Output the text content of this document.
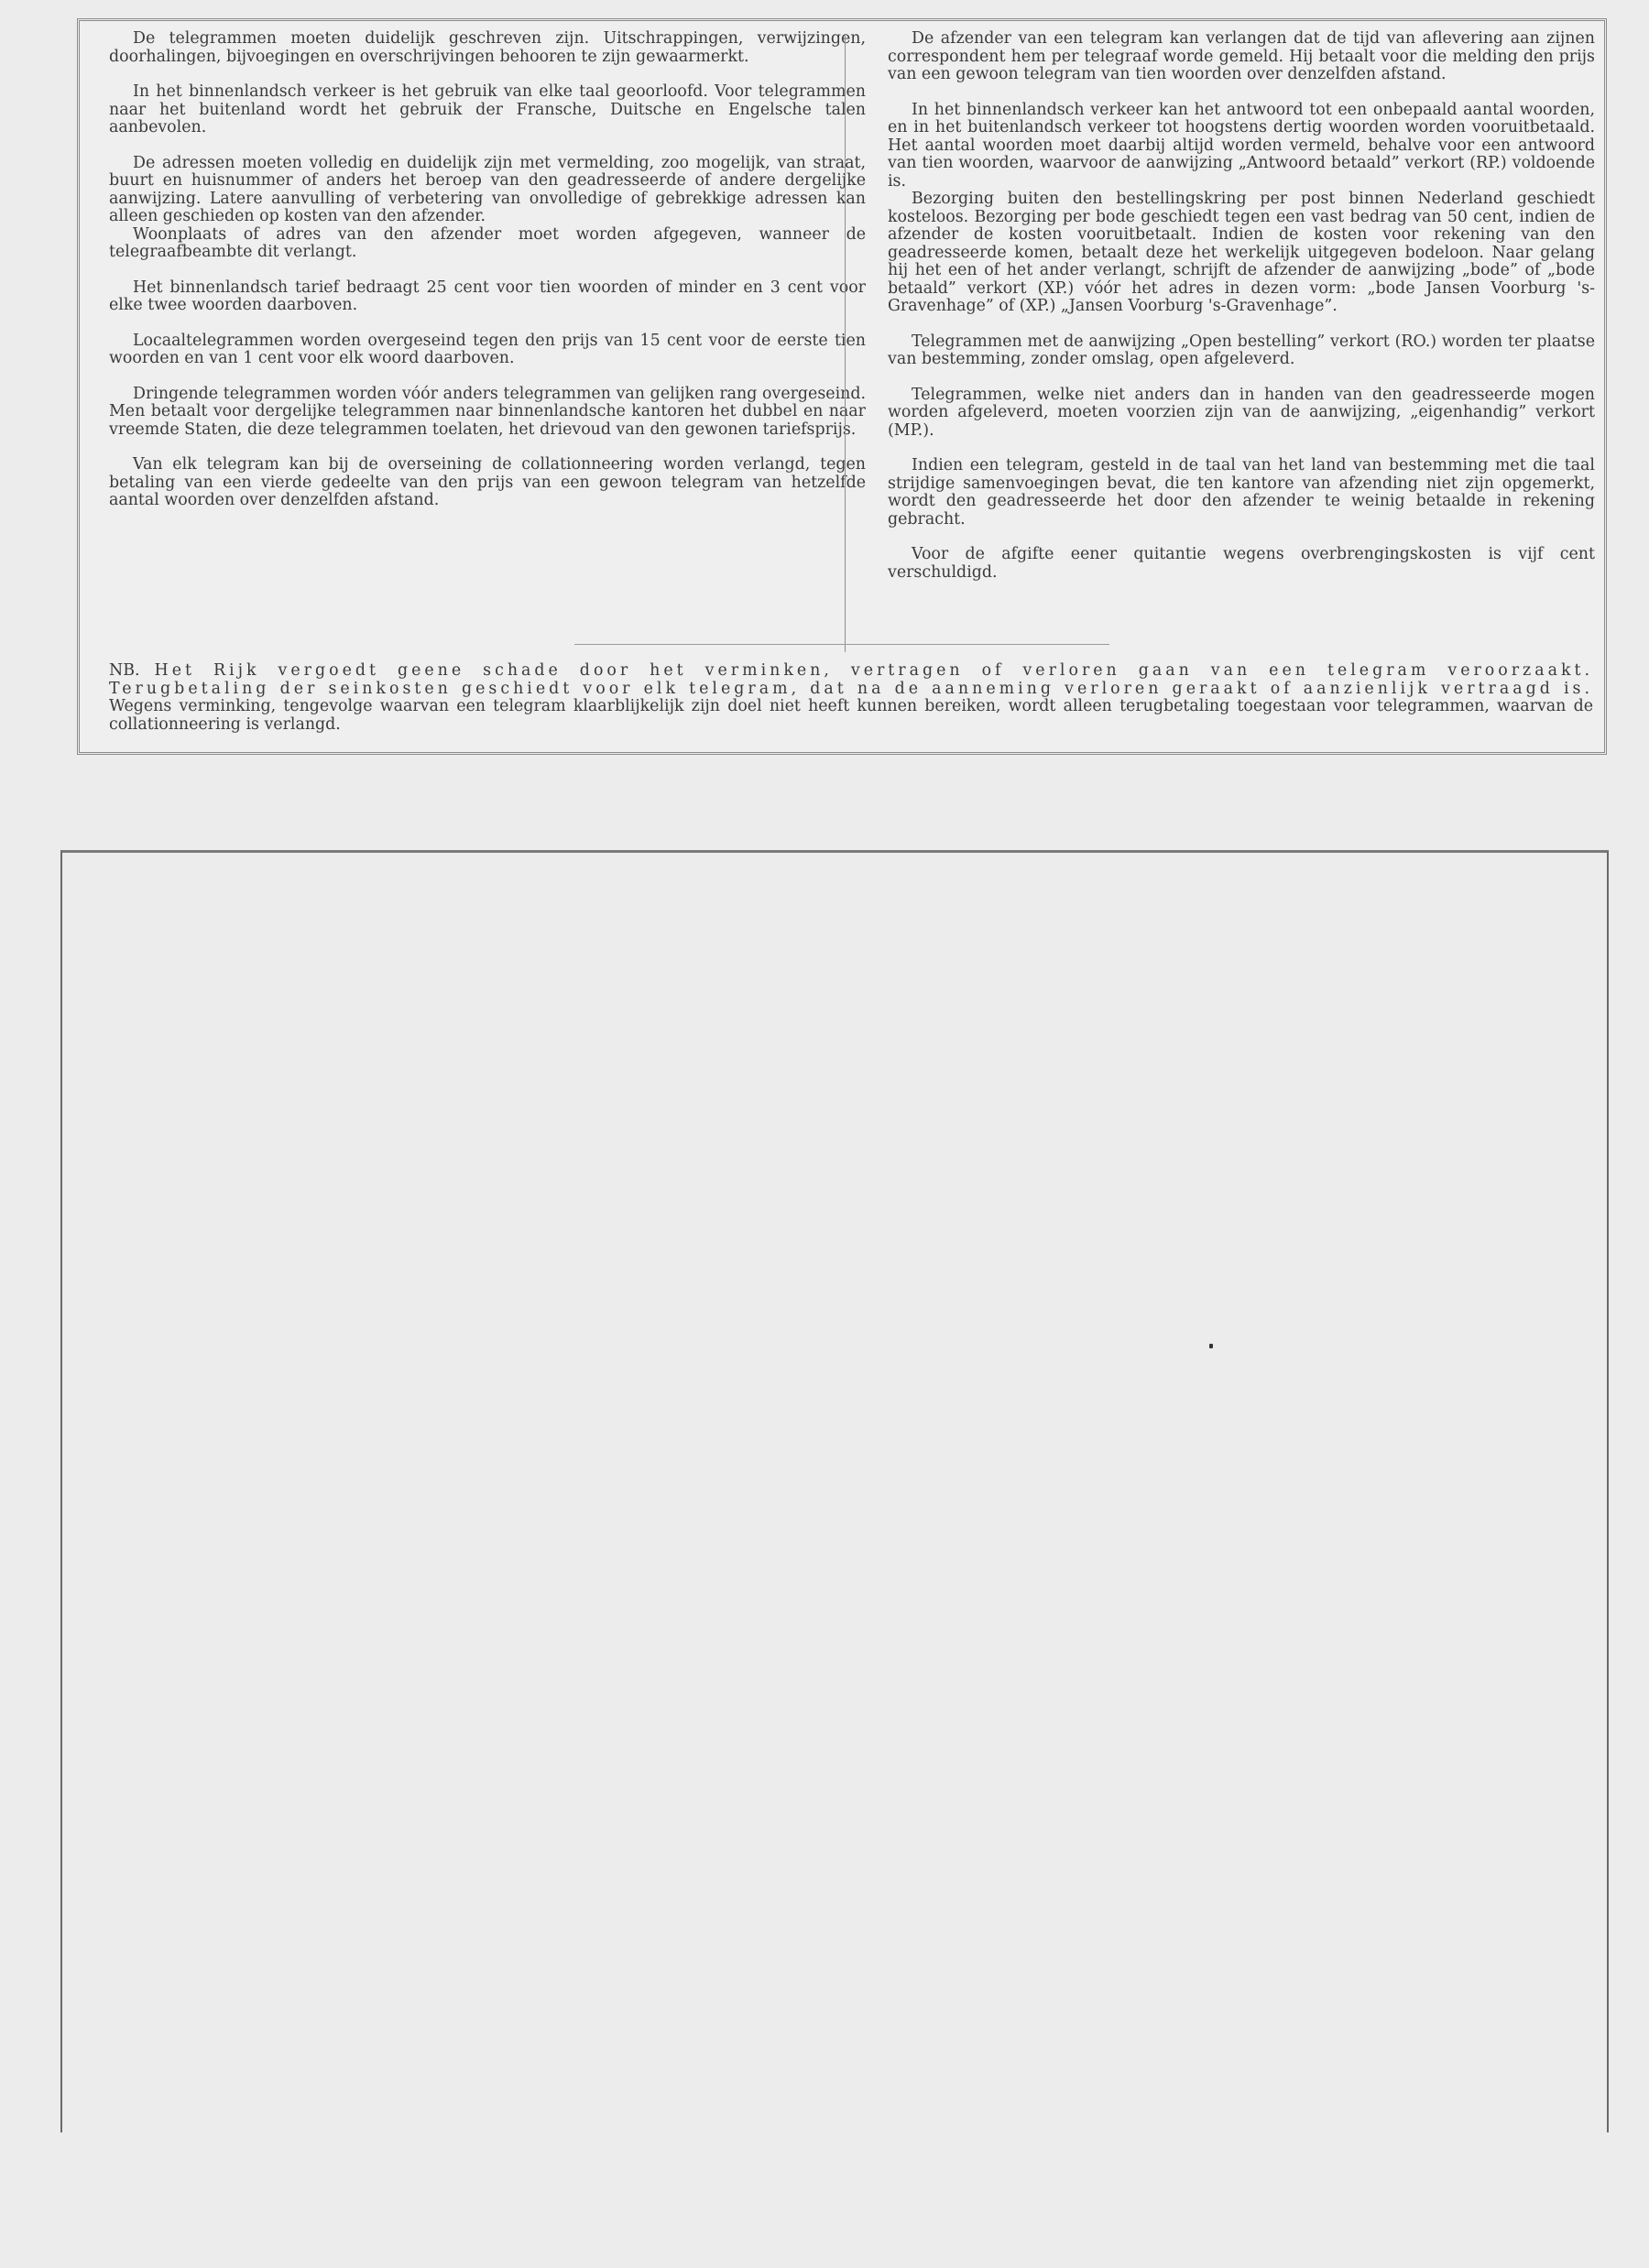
De telegrammen moeten duidelijk geschreven zijn. Uitschrappingen, verwijzingen, doorhalingen, bijvoegingen en overschrijvingen behooren te zijn gewaarmerkt.

In het binnenlandsch verkeer is het gebruik van elke taal geoorloofd. Voor telegrammen naar het buitenland wordt het gebruik der Fransche, Duitsche en Engelsche talen aanbevolen.

De adressen moeten volledig en duidelijk zijn met vermelding, zoo mogelijk, van straat, buurt en huisnummer of anders het beroep van den geadresseerde of andere dergelijke aanwijzing. Latere aanvulling of verbetering van onvolledige of gebrekkige adressen kan alleen geschieden op kosten van den afzender.

Woonplaats of adres van den afzender moet worden afgegeven, wanneer de telegraafbeambte dit verlangt.

Het binnenlandsch tarief bedraagt 25 cent voor tien woorden of minder en 3 cent voor elke twee woorden daarboven.

Locaaltelegrammen worden overgeseind tegen den prijs van 15 cent voor de eerste tien woorden en van 1 cent voor elk woord daarboven.

Dringende telegrammen worden vóór anders telegrammen van gelijken rang overgeseind. Men betaalt voor dergelijke telegrammen naar binnenlandsche kantoren het dubbel en naar vreemde Staten, die deze telegrammen toelaten, het drievoud van den gewonen tariefsprijs.

Van elk telegram kan bij de overseining de collationneering worden verlangd, tegen betaling van een vierde gedeelte van den prijs van een gewoon telegram van hetzelfde aantal woorden over denzelfden afstand.

De afzender van een telegram kan verlangen dat de tijd van aflevering aan zijnen correspondent hem per telegraaf worde gemeld. Hij betaalt voor die melding den prijs van een gewoon telegram van tien woorden over denzelfden afstand.

In het binnenlandsch verkeer kan het antwoord tot een onbepaald aantal woorden, en in het buitenlandsch verkeer tot hoogstens dertig woorden worden vooruitbetaald. Het aantal woorden moet daarbij altijd worden vermeld, behalve voor een antwoord van tien woorden, waarvoor de aanwijzing „Antwoord betaald” verkort (RP.) voldoende is.

Bezorging buiten den bestellingskring per post binnen Nederland geschiedt kosteloos. Bezorging per bode geschiedt tegen een vast bedrag van 50 cent, indien de afzender de kosten vooruitbetaalt. Indien de kosten voor rekening van den geadresseerde komen, betaalt deze het werkelijk uitgegeven bodeloon. Naar gelang hij het een of het ander verlangt, schrijft de afzender de aanwijzing „bode” of „bode betaald” verkort (XP.) vóór het adres in dezen vorm: „bode Jansen Voorburg 's-Gravenhage” of (XP.) „Jansen Voorburg 's-Gravenhage”.

Telegrammen met de aanwijzing „Open bestelling” verkort (RO.) worden ter plaatse van bestemming, zonder omslag, open afgeleverd.

Telegrammen, welke niet anders dan in handen van den geadresseerde mogen worden afgeleverd, moeten voorzien zijn van de aanwijzing, „eigenhandig” verkort (MP.).

Indien een telegram, gesteld in de taal van het land van bestemming met die taal strijdige samenvoegingen bevat, die ten kantore van afzending niet zijn opgemerkt, wordt den geadresseerde het door den afzender te weinig betaalde in rekening gebracht.

Voor de afgifte eener quitantie wegens overbrengingskosten is vijf cent verschuldigd.

NB. Het Rijk vergoedt geene schade door het verminken, vertragen of verloren gaan van een telegram veroorzaakt. Terugbetaling der seinkosten geschiedt voor elk telegram, dat na de aanneming verloren geraakt of aanzienlijk vertraagd is. Wegens verminking, tengevolge waarvan een telegram klaarblijkelijk zijn doel niet heeft kunnen bereiken, wordt alleen terugbetaling toegestaan voor telegrammen, waarvan de collationneering is verlangd.
